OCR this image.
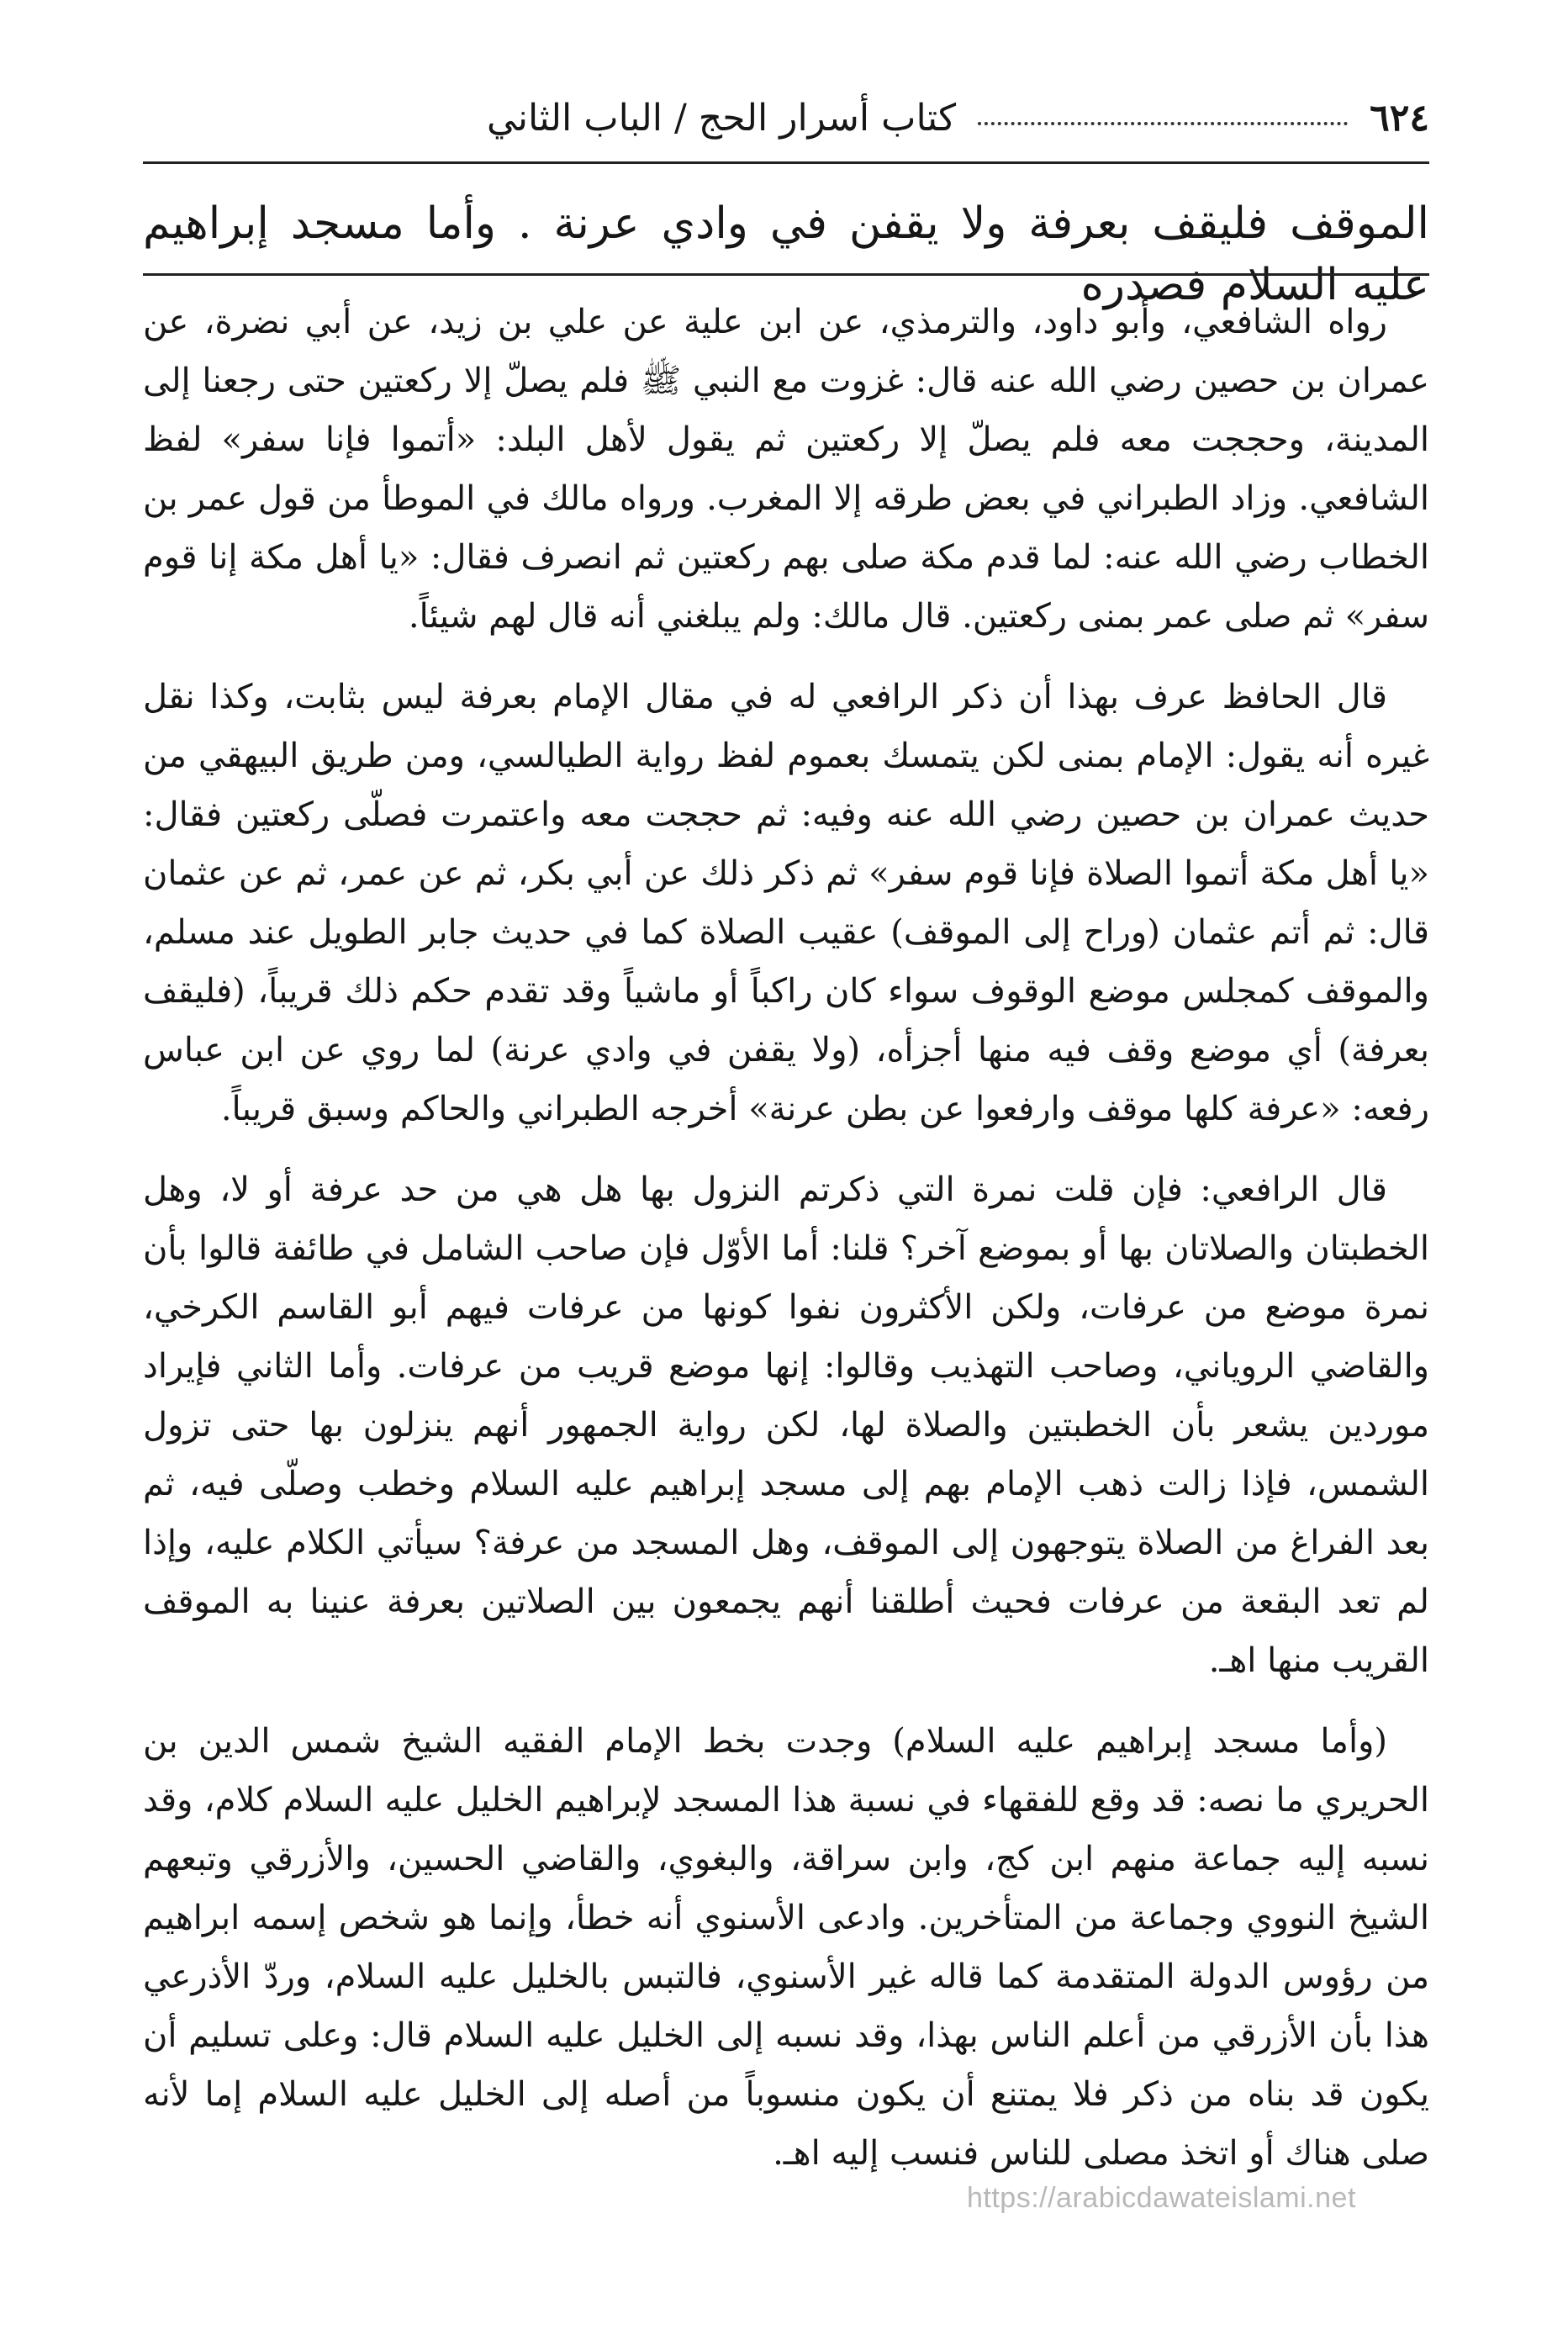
٦٢٤
كتاب أسرار الحج / الباب الثاني
الموقف فليقف بعرفة ولا يقفن في وادي عرنة . وأما مسجد إبراهيم عليه السلام فصدره

رواه الشافعي، وأبو داود، والترمذي، عن ابن علية عن علي بن زيد، عن أبي نضرة، عن عمران بن حصين رضي الله عنه قال: غزوت مع النبي ﷺ فلم يصلّ إلا ركعتين حتى رجعنا إلى المدينة، وحججت معه فلم يصلّ إلا ركعتين ثم يقول لأهل البلد: «أتموا فإنا سفر» لفظ الشافعي. وزاد الطبراني في بعض طرقه إلا المغرب. ورواه مالك في الموطأ من قول عمر بن الخطاب رضي الله عنه: لما قدم مكة صلى بهم ركعتين ثم انصرف فقال: «يا أهل مكة إنا قوم سفر» ثم صلى عمر بمنى ركعتين. قال مالك: ولم يبلغني أنه قال لهم شيئاً.

قال الحافظ عرف بهذا أن ذكر الرافعي له في مقال الإمام بعرفة ليس بثابت، وكذا نقل غيره أنه يقول: الإمام بمنى لكن يتمسك بعموم لفظ رواية الطيالسي، ومن طريق البيهقي من حديث عمران بن حصين رضي الله عنه وفيه: ثم حججت معه واعتمرت فصلّى ركعتين فقال: «يا أهل مكة أتموا الصلاة فإنا قوم سفر» ثم ذكر ذلك عن أبي بكر، ثم عن عمر، ثم عن عثمان قال: ثم أتم عثمان (وراح إلى الموقف) عقيب الصلاة كما في حديث جابر الطويل عند مسلم، والموقف كمجلس موضع الوقوف سواء كان راكباً أو ماشياً وقد تقدم حكم ذلك قريباً، (فليقف بعرفة) أي موضع وقف فيه منها أجزأه، (ولا يقفن في وادي عرنة) لما روي عن ابن عباس رفعه: «عرفة كلها موقف وارفعوا عن بطن عرنة» أخرجه الطبراني والحاكم وسبق قريباً.

قال الرافعي: فإن قلت نمرة التي ذكرتم النزول بها هل هي من حد عرفة أو لا، وهل الخطبتان والصلاتان بها أو بموضع آخر؟ قلنا: أما الأوّل فإن صاحب الشامل في طائفة قالوا بأن نمرة موضع من عرفات، ولكن الأكثرون نفوا كونها من عرفات فيهم أبو القاسم الكرخي، والقاضي الروياني، وصاحب التهذيب وقالوا: إنها موضع قريب من عرفات. وأما الثاني فإيراد موردين يشعر بأن الخطبتين والصلاة لها، لكن رواية الجمهور أنهم ينزلون بها حتى تزول الشمس، فإذا زالت ذهب الإمام بهم إلى مسجد إبراهيم عليه السلام وخطب وصلّى فيه، ثم بعد الفراغ من الصلاة يتوجهون إلى الموقف، وهل المسجد من عرفة؟ سيأتي الكلام عليه، وإذا لم تعد البقعة من عرفات فحيث أطلقنا أنهم يجمعون بين الصلاتين بعرفة عنينا به الموقف القريب منها اهـ.

(وأما مسجد إبراهيم عليه السلام) وجدت بخط الإمام الفقيه الشيخ شمس الدين بن الحريري ما نصه: قد وقع للفقهاء في نسبة هذا المسجد لإبراهيم الخليل عليه السلام كلام، وقد نسبه إليه جماعة منهم ابن كج، وابن سراقة، والبغوي، والقاضي الحسين، والأزرقي وتبعهم الشيخ النووي وجماعة من المتأخرين. وادعى الأسنوي أنه خطأ، وإنما هو شخص إسمه ابراهيم من رؤوس الدولة المتقدمة كما قاله غير الأسنوي، فالتبس بالخليل عليه السلام، وردّ الأذرعي هذا بأن الأزرقي من أعلم الناس بهذا، وقد نسبه إلى الخليل عليه السلام قال: وعلى تسليم أن يكون قد بناه من ذكر فلا يمتنع أن يكون منسوباً من أصله إلى الخليل عليه السلام إما لأنه صلى هناك أو اتخذ مصلى للناس فنسب إليه اهـ.

https://arabicdawateislami.net
